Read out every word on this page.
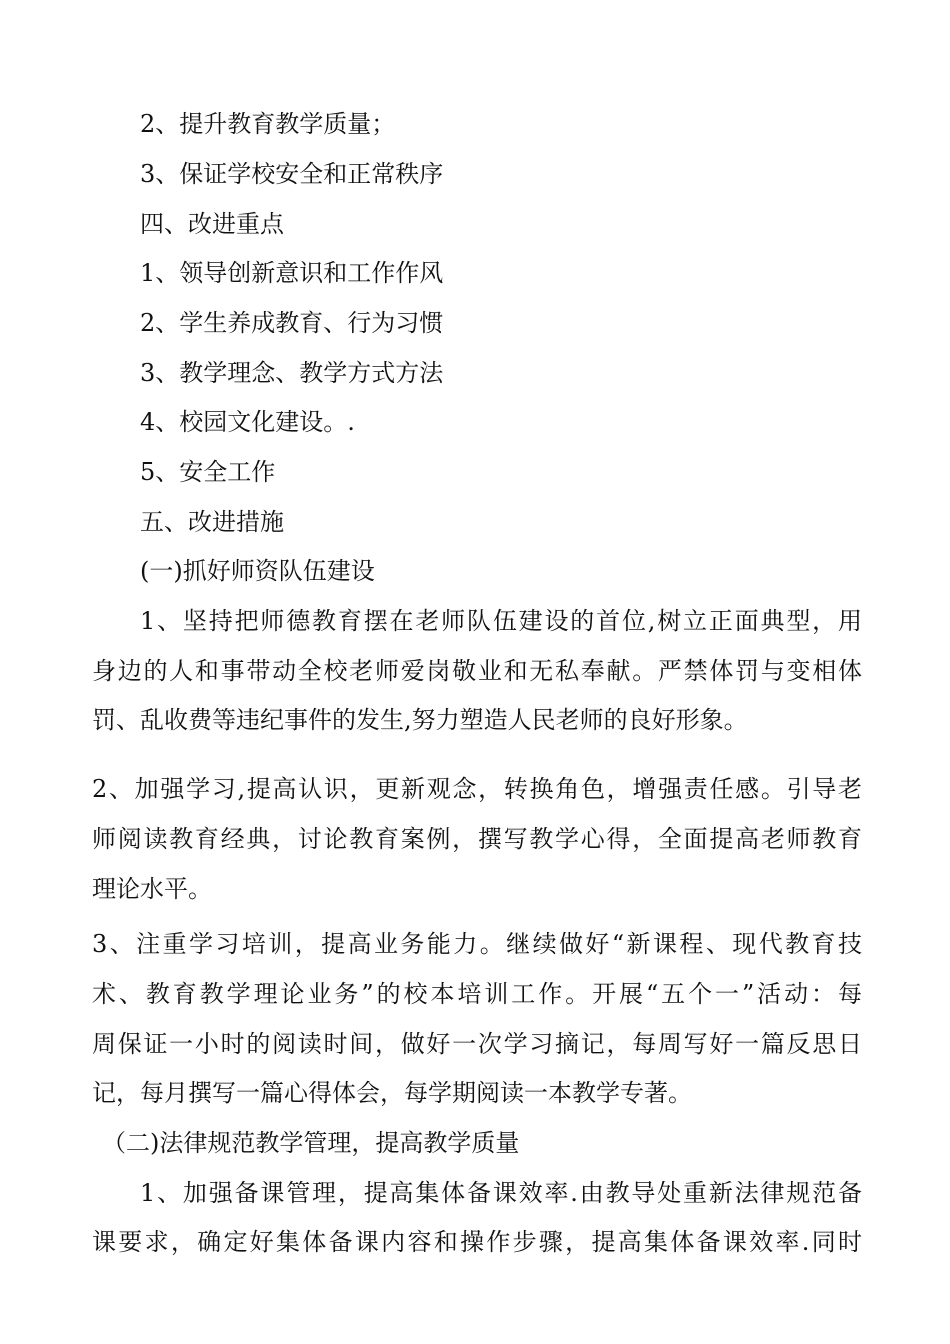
2、提升教育教学质量；
3、保证学校安全和正常秩序
四、改进重点
1、领导创新意识和工作作风
2、学生养成教育、行为习惯
3、教学理念、教学方式方法
4、校园文化建设。.
5、安全工作
五、改进措施
(一)抓好师资队伍建设
1、坚持把师德教育摆在老师队伍建设的首位,树立正面典型，用
身边的人和事带动全校老师爱岗敬业和无私奉献。严禁体罚与变相体
罚、乱收费等违纪事件的发生,努力塑造人民老师的良好形象。
2、加强学习,提高认识，更新观念，转换角色，增强责任感。引导老
师阅读教育经典，讨论教育案例，撰写教学心得，全面提高老师教育
理论水平。
3、注重学习培训，提高业务能力。继续做好“新课程、现代教育技
术、教育教学理论业务”的校本培训工作。开展“五个一”活动：每
周保证一小时的阅读时间，做好一次学习摘记，每周写好一篇反思日
记，每月撰写一篇心得体会，每学期阅读一本教学专著。
（二)法律规范教学管理，提高教学质量
1、加强备课管理，提高集体备课效率.由教导处重新法律规范备
课要求，确定好集体备课内容和操作步骤，提高集体备课效率.同时
